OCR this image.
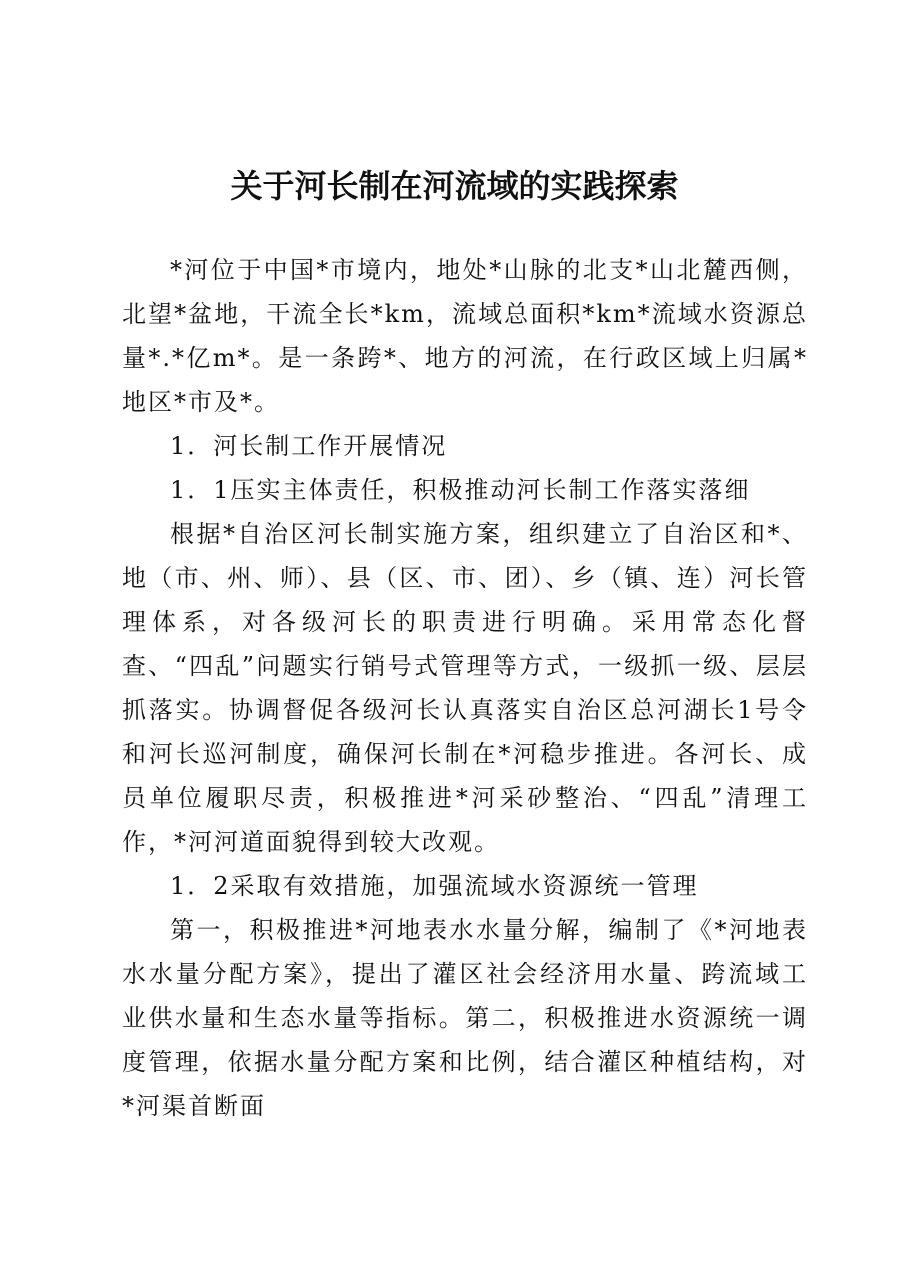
关于河长制在河流域的实践探索

*河位于中国*市境内，地处*山脉的北支*山北麓西侧，北望*盆地，干流全长*km，流域总面积*km*流域水资源总量*.*亿m*。是一条跨*、地方的河流，在行政区域上归属*地区*市及*。

1．河长制工作开展情况

1．1压实主体责任，积极推动河长制工作落实落细

根据*自治区河长制实施方案，组织建立了自治区和*、地（市、州、师）、县（区、市、团）、乡（镇、连）河长管理体系，对各级河长的职责进行明确。采用常态化督查、“四乱”问题实行销号式管理等方式，一级抓一级、层层抓落实。协调督促各级河长认真落实自治区总河湖长1号令和河长巡河制度，确保河长制在*河稳步推进。各河长、成员单位履职尽责，积极推进*河采砂整治、“四乱”清理工作，*河河道面貌得到较大改观。

1．2采取有效措施，加强流域水资源统一管理

第一，积极推进*河地表水水量分解，编制了《*河地表水水量分配方案》，提出了灌区社会经济用水量、跨流域工业供水量和生态水量等指标。第二，积极推进水资源统一调度管理，依据水量分配方案和比例，结合灌区种植结构，对*河渠首断面
